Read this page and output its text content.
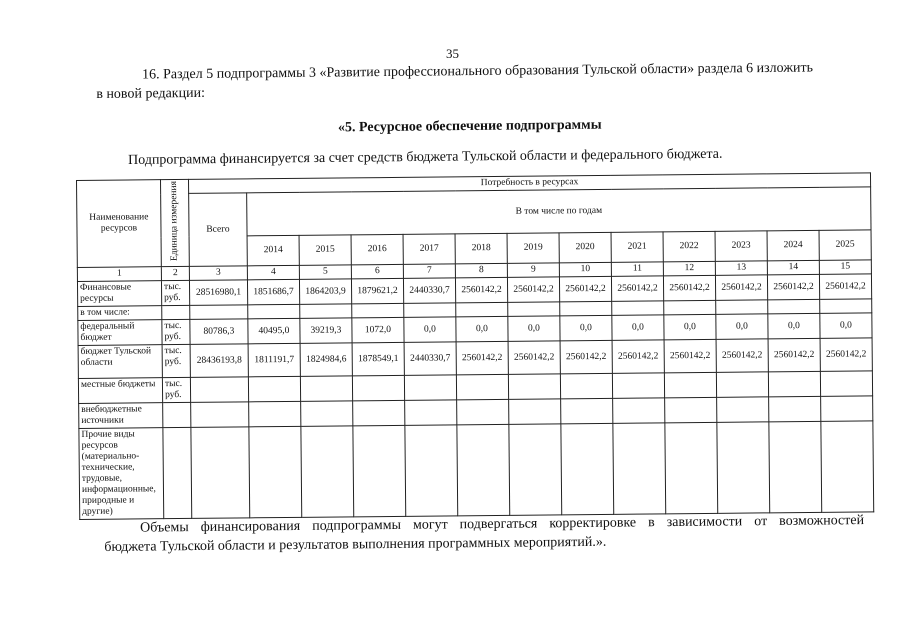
35
16. Раздел 5 подпрограммы 3 «Развитие профессионального образования Тульской области» раздела 6 изложить
в новой редакции:
«5. Ресурсное обеспечение подпрограммы
Подпрограмма финансируется за счет средств бюджета Тульской области и федерального бюджета.
Наименование ресурсов	Единица измерения	Потребность в ресурсах												
		Всего	В том числе по годам											
			2014	2015	2016	2017	2018	2019	2020	2021	2022	2023	2024	2025
1	2	3	4	5	6	7	8	9	10	11	12	13	14	15
Финансовые ресурсы	тыс. руб.	28516980,1	1851686,7	1864203,9	1879621,2	2440330,7	2560142,2	2560142,2	2560142,2	2560142,2	2560142,2	2560142,2	2560142,2	2560142,2
в том числе:														
федеральный бюджет	тыс. руб.	80786,3	40495,0	39219,3	1072,0	0,0	0,0	0,0	0,0	0,0	0,0	0,0	0,0	0,0
бюджет Тульской области	тыс. руб.	28436193,8	1811191,7	1824984,6	1878549,1	2440330,7	2560142,2	2560142,2	2560142,2	2560142,2	2560142,2	2560142,2	2560142,2	2560142,2
местные бюджеты	тыс. руб.													
внебюджетные источники														
Прочие виды ресурсов (материально-технические, трудовые, информационные, природные и другие)														
Объемы финансирования подпрограммы могут подвергаться корректировке в зависимости от возможностей
бюджета Тульской области и результатов выполнения программных мероприятий.».
